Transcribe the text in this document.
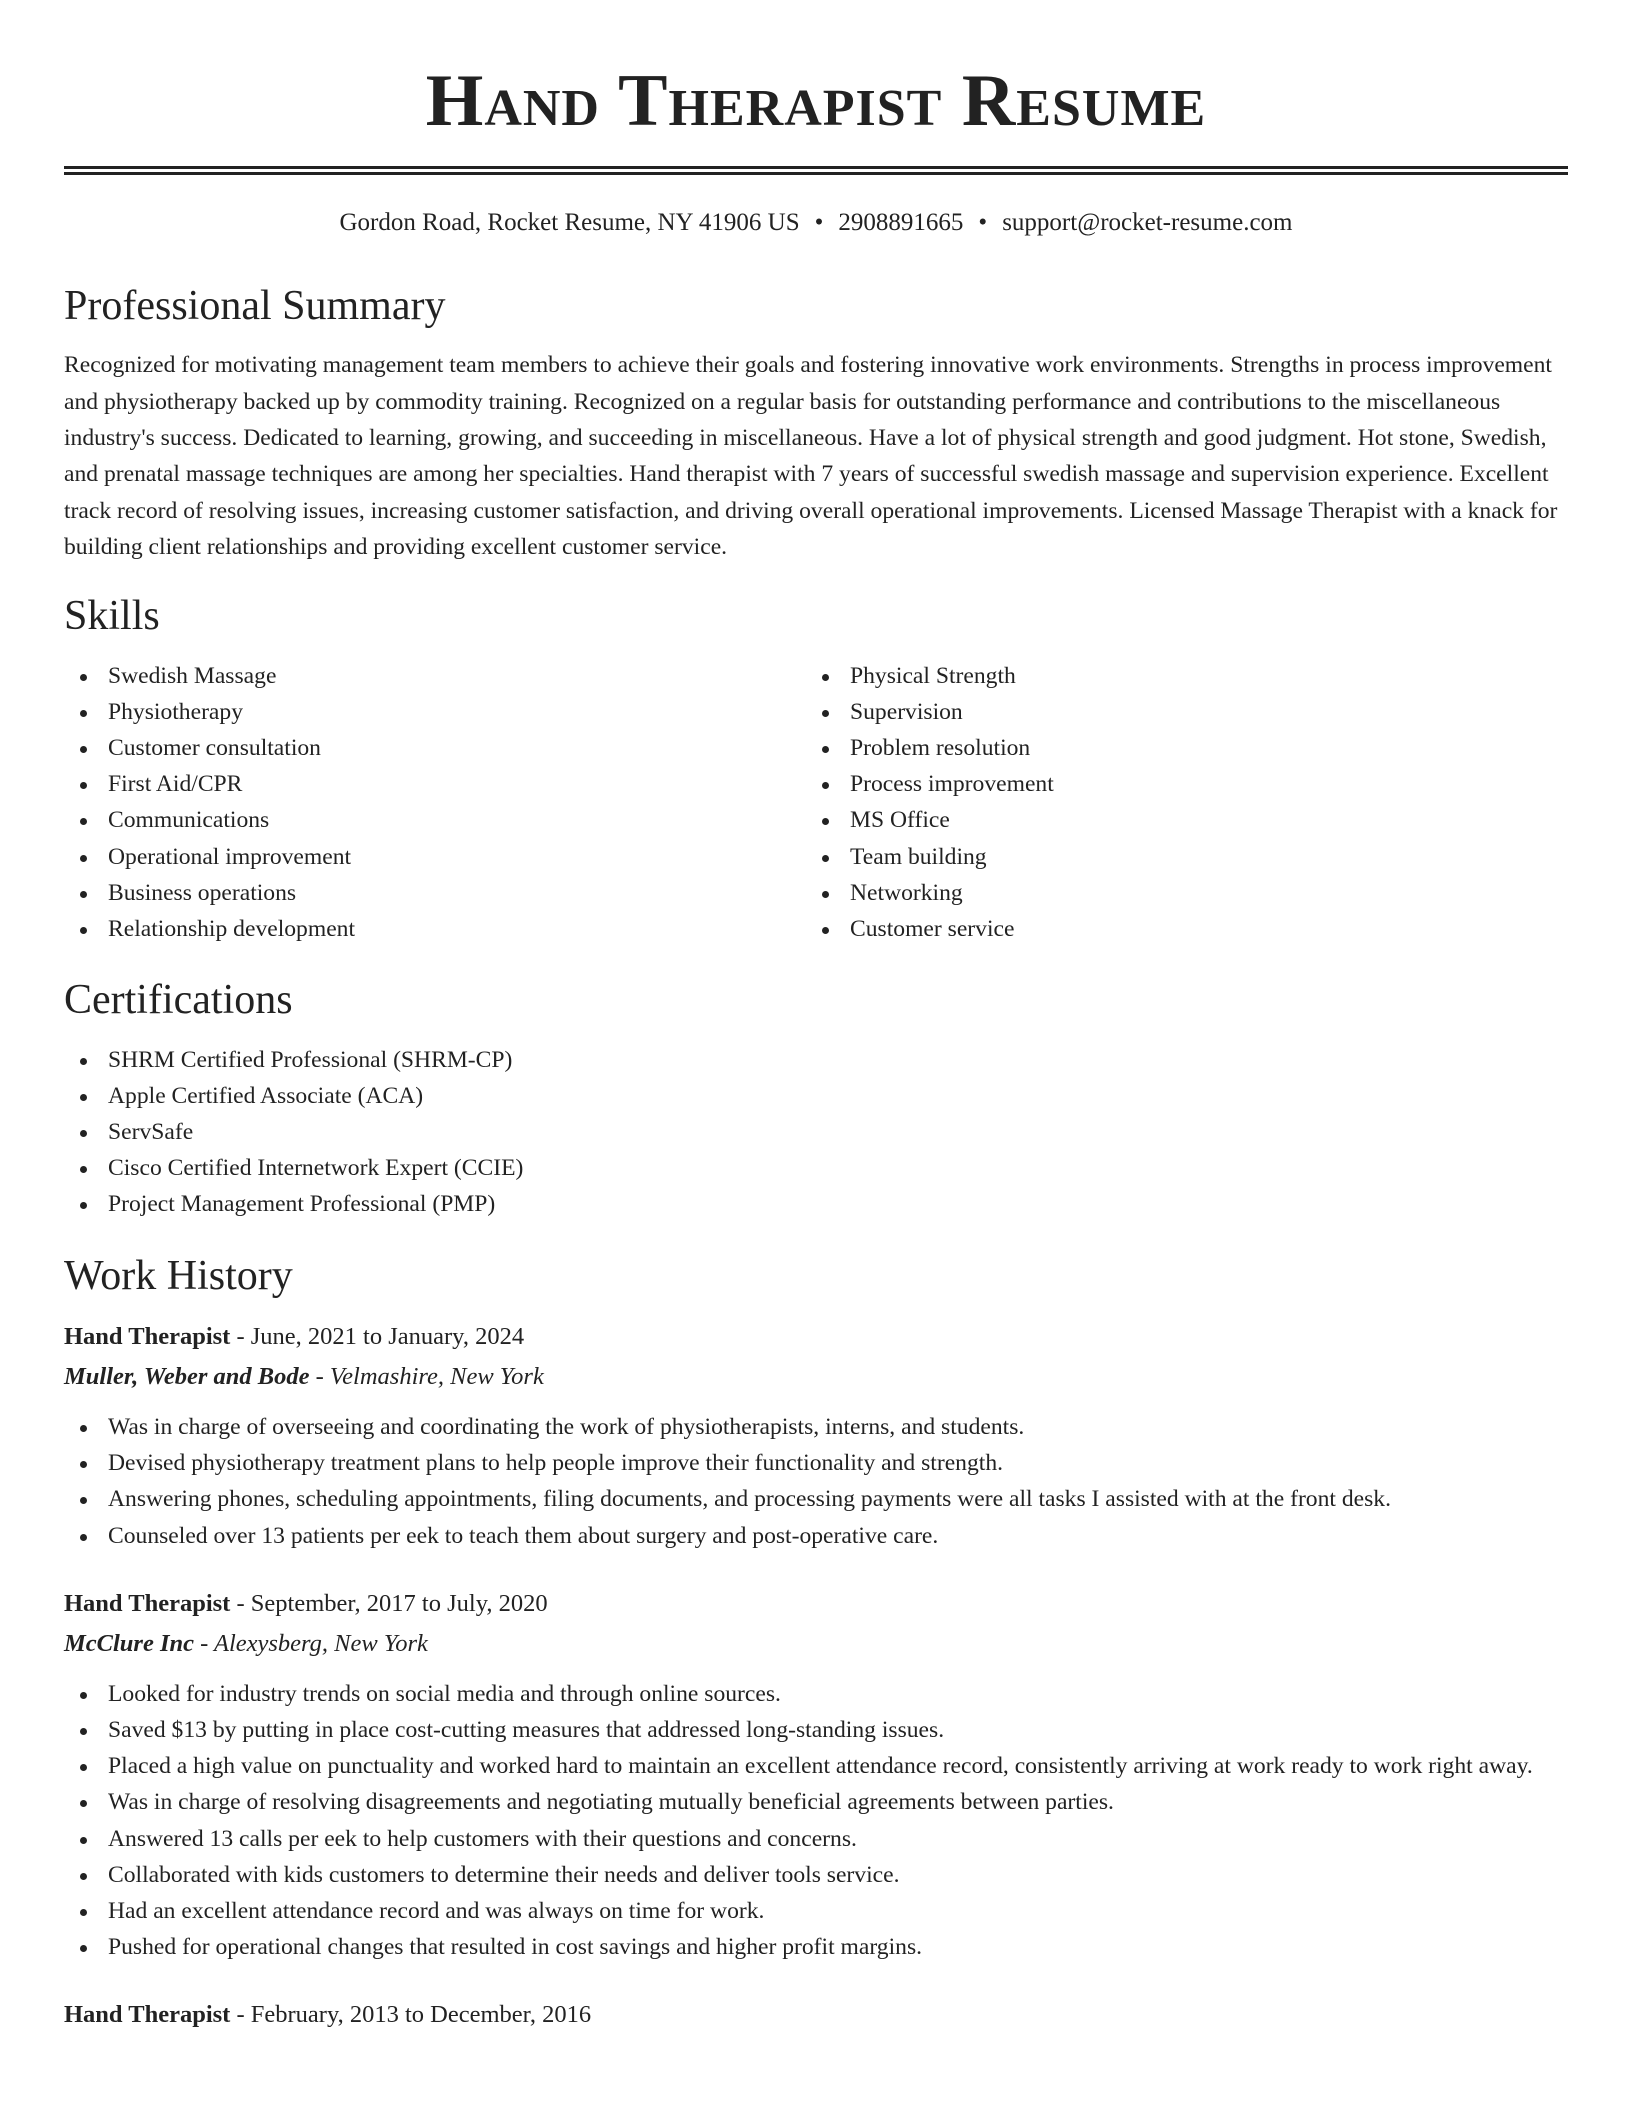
Hand Therapist Resume
Gordon Road, Rocket Resume, NY 41906 US • 2908891665 • support@rocket-resume.com
Professional Summary

Recognized for motivating management team members to achieve their goals and fostering innovative work environments. Strengths in process improvement and physiotherapy backed up by commodity training. Recognized on a regular basis for outstanding performance and contributions to the miscellaneous industry's success. Dedicated to learning, growing, and succeeding in miscellaneous. Have a lot of physical strength and good judgment. Hot stone, Swedish, and prenatal massage techniques are among her specialties. Hand therapist with 7 years of successful swedish massage and supervision experience. Excellent track record of resolving issues, increasing customer satisfaction, and driving overall operational improvements. Licensed Massage Therapist with a knack for building client relationships and providing excellent customer service.

Skills
Swedish Massage
Physiotherapy
Customer consultation
First Aid/CPR
Communications
Operational improvement
Business operations
Relationship development
Physical Strength
Supervision
Problem resolution
Process improvement
MS Office
Team building
Networking
Customer service
Certifications
SHRM Certified Professional (SHRM-CP)
Apple Certified Associate (ACA)
ServSafe
Cisco Certified Internetwork Expert (CCIE)
Project Management Professional (PMP)
Work History
Hand Therapist - June, 2021 to January, 2024
Muller, Weber and Bode - Velmashire, New York
Was in charge of overseeing and coordinating the work of physiotherapists, interns, and students.
Devised physiotherapy treatment plans to help people improve their functionality and strength.
Answering phones, scheduling appointments, filing documents, and processing payments were all tasks I assisted with at the front desk.
Counseled over 13 patients per eek to teach them about surgery and post-operative care.
Hand Therapist - September, 2017 to July, 2020
McClure Inc - Alexysberg, New York
Looked for industry trends on social media and through online sources.
Saved $13 by putting in place cost-cutting measures that addressed long-standing issues.
Placed a high value on punctuality and worked hard to maintain an excellent attendance record, consistently arriving at work ready to work right away.
Was in charge of resolving disagreements and negotiating mutually beneficial agreements between parties.
Answered 13 calls per eek to help customers with their questions and concerns.
Collaborated with kids customers to determine their needs and deliver tools service.
Had an excellent attendance record and was always on time for work.
Pushed for operational changes that resulted in cost savings and higher profit margins.
Hand Therapist - February, 2013 to December, 2016
